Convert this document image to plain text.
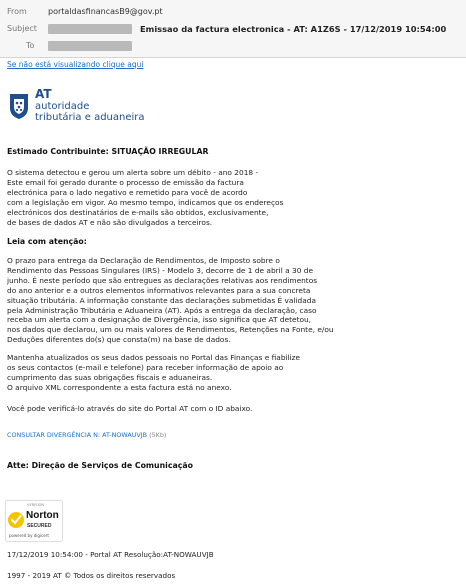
From	portaldasfinancasB9@gov.pt
Subject	Emissao da factura electronica - AT: A1Z6S - 17/12/2019 10:54:00
To
Se não está visualizando clique aqui
AT
autoridade
tributária e aduaneira
Estimado Contribuinte: SITUAÇÃO IRREGULAR
O sistema detectou e gerou um alerta sobre um débito - ano 2018 -
Este email foi gerado durante o processo de emissão da factura
electrónica para o lado negativo e remetido para você de acordo
com a legislação em vigor. Ao mesmo tempo, indicamos que os endereços
electrónicos dos destinatários de e-mails são obtidos, exclusivamente,
de bases de dados AT e não são divulgados a terceiros.
Leia com atenção:
O prazo para entrega da Declaração de Rendimentos, de Imposto sobre o
Rendimento das Pessoas Singulares (IRS) - Modelo 3, decorre de 1 de abril a 30 de
junho. É neste período que são entregues as declarações relativas aos rendimentos
do ano anterior e a outros elementos informativos relevantes para a sua concreta
situação tributária. A informação constante das declarações submetidas É validada
pela Administração Tributária e Aduaneira (AT). Após a entrega da declaração, caso
receba um alerta com a designação de Divergência, isso significa que AT detetou,
nos dados que declarou, um ou mais valores de Rendimentos, Retenções na Fonte, e/ou
Deduções diferentes do(s) que consta(m) na base de dados.
Mantenha atualizados os seus dados pessoais no Portal das Finanças e fiabilize
os seus contactos (e-mail e telefone) para receber informação de apoio ao
cumprimento das suas obrigações fiscais e aduaneiras.
O arquivo XML correspondente a esta factura está no anexo.
Você pode verificá-lo através do site do Portal AT com o ID abaixo.
CONSULTAR DIVERGÊNCIA N: AT-NOWAUVJB (5Kb)
Atte: Direção de Serviços de Comunicação
VERISIGN
Norton
SECURED
powered by digicert
17/12/2019 10:54:00 - Portal AT Resolução:AT-NOWAUVJB
1997 - 2019 AT © Todos os direitos reservados
